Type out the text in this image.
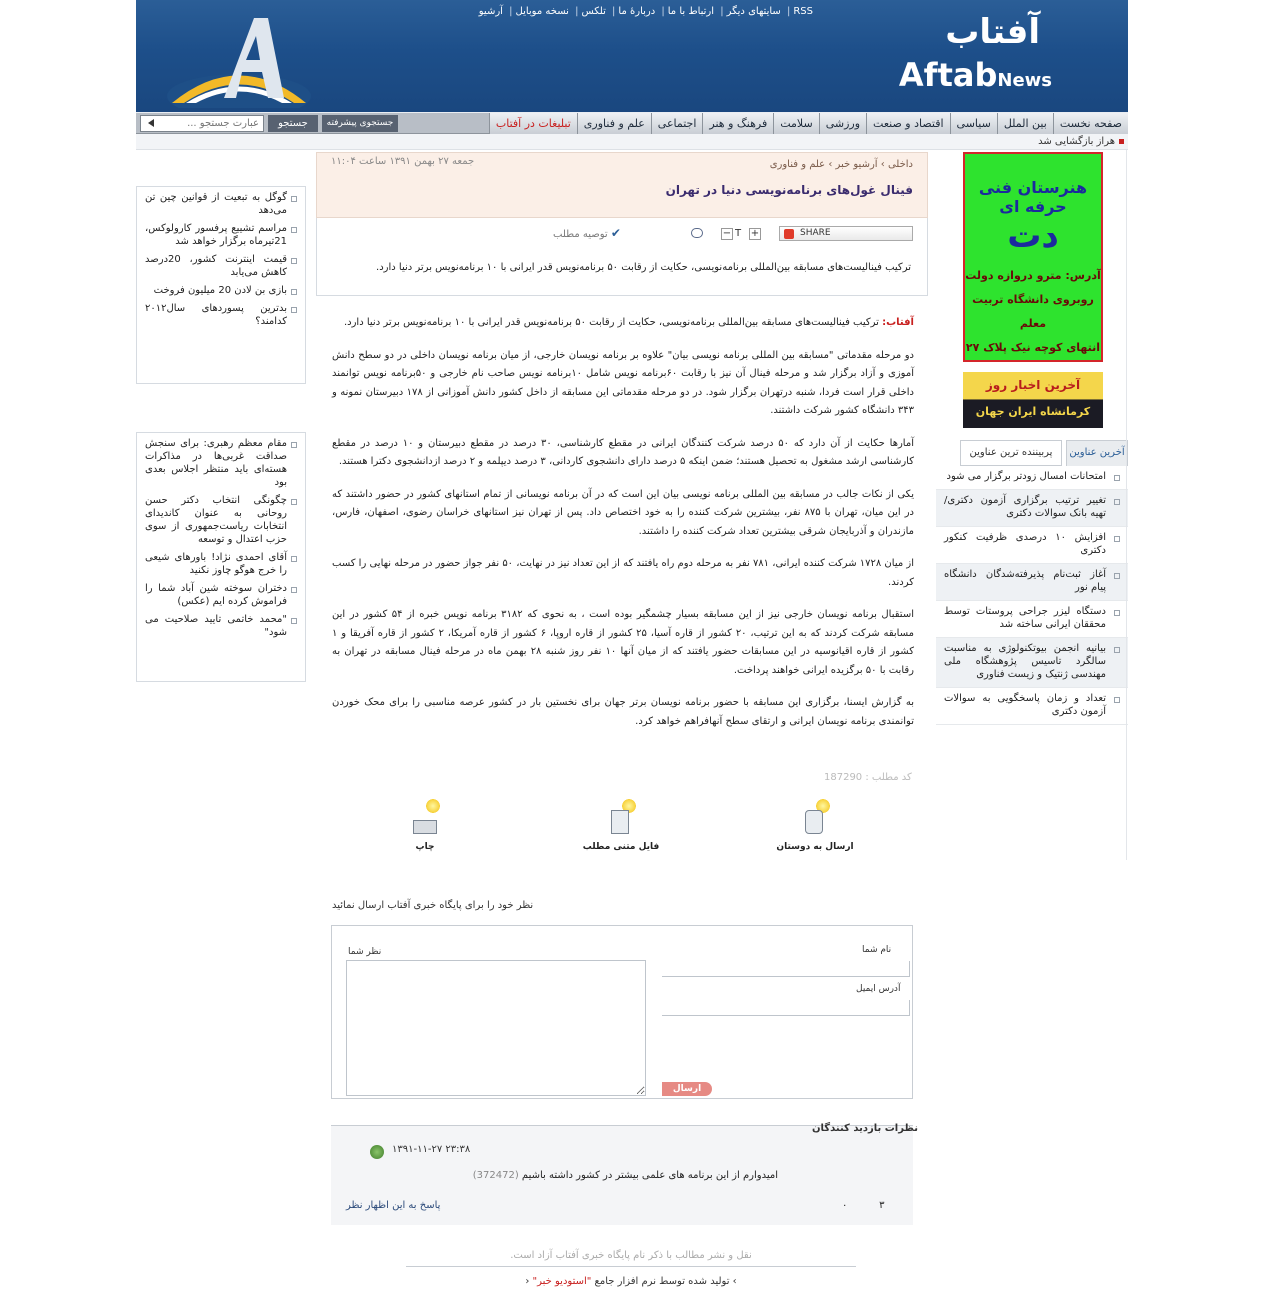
RSS| سایتهای دیگر| ارتباط با ما| دربارهٔ ما| تلکس| نسخه موبایل| آرشیو
آفتاب
AftabNews
صفحه نخست
بین الملل
سیاسی
اقتصاد و صنعت
ورزشی
سلامت
فرهنگ و هنر
اجتماعی
علم و فناوری
تبلیغات در آفتاب
عبارت جستجو ...
جستجو	جستجوی پیشرفته
هراز بازگشایی شد
گوگل به تبعیت از قوانین چین تن می‌دهد
مراسم تشییع پرفسور کارولوکس، 21تیرماه برگزار خواهد شد
قیمت اینترنت کشور، 20درصد کاهش می‌یابد
بازی بن لادن 20 میلیون فروخت
بدترین پسوردهای سال۲۰۱۲ کدامند؟
مقام معظم رهبری: برای سنجش صداقت غربی‌ها در مذاکرات هسته‌ای باید منتظر اجلاس بعدی بود
چگونگی انتخاب دکتر حسن روحانی به عنوان کاندیدای انتخابات ریاست‌جمهوری از سوی حزب اعتدال و توسعه
آقای احمدی نژاد! باورهای شیعی را خرج هوگو چاوز نکنید
دختران سوخته شین آباد شما را فراموش کرده ایم (عکس)
"محمد خاتمی تایید صلاحیت می شود"
جمعه ۲۷ بهمن ۱۳۹۱ ساعت ۱۱:۰۴	داخلی › آرشیو خبر › علم و فناوری
فینال غول‌های برنامه‌نویسی دنیا در تهران
SHARE
+
T
−
✔ توصیه مطلب
ترکیب فینالیست‌های مسابقه بین‌المللی برنامه‌نویسی، حکایت از رقابت ۵۰ برنامه‌نویس قدر ایرانی با ۱۰ برنامه‌نویس برتر دنیا دارد.

آفتاب: ترکیب فینالیست‌های مسابقه بین‌المللی برنامه‌نویسی، حکایت از رقابت ۵۰ برنامه‌نویس قدر ایرانی با ۱۰ برنامه‌نویس برتر دنیا دارد.

دو مرحله مقدماتی "مسابقه بین المللی برنامه نویسی بیان" علاوه بر برنامه نویسان خارجی، از میان برنامه نویسان داخلی در دو سطح دانش آموزی و آزاد برگزار شد و مرحله فینال آن نیز با رقابت ۶۰برنامه نویس شامل ۱۰برنامه نویس صاحب نام خارجی و ۵۰برنامه نویس توانمند داخلی قرار است فردا، شنبه درتهران برگزار شود. در دو مرحله مقدماتی این مسابقه از داخل کشور دانش آموزانی از ۱۷۸ دبیرستان نمونه و ۳۴۳ دانشگاه کشور شرکت داشتند.

آمارها حکایت از آن دارد که ۵۰ درصد شرکت کنندگان ایرانی در مقطع کارشناسی، ۳۰ درصد در مقطع دبیرستان و ۱۰ درصد در مقطع کارشناسی ارشد مشغول به تحصیل هستند؛ ضمن اینکه ۵ درصد دارای دانشجوی کاردانی، ۳ درصد دیپلمه و ۲ درصد ازدانشجوی دکترا هستند.

یکی از نکات جالب در مسابقه بین المللی برنامه نویسی بیان این است که در آن برنامه نویسانی از تمام استانهای کشور در حضور داشتند که در این میان، تهران با ۸۷۵ نفر، بیشترین شرکت کننده را به خود اختصاص داد. پس از تهران نیز استانهای خراسان رضوی، اصفهان، فارس، مازندران و آذربایجان شرقی بیشترین تعداد شرکت کننده را داشتند.

از میان ۱۷۲۸ شرکت کننده ایرانی، ۷۸۱ نفر به مرحله دوم راه یافتند که از این تعداد نیز در نهایت، ۵۰ نفر جواز حضور در مرحله نهایی را کسب کردند.

استقبال برنامه نویسان خارجی نیز از این مسابقه بسیار چشمگیر بوده است ، به نحوی که ۳۱۸۲ برنامه نویس خبره از ۵۴ کشور در این مسابقه شرکت کردند که به این ترتیب، ۲۰ کشور از قاره آسیا، ۲۵ کشور از قاره اروپا، ۶ کشور از قاره آمریکا، ۲ کشور از قاره آفریقا و ۱ کشور از قاره اقیانوسیه در این مسابقات حضور یافتند که از میان آنها ۱۰ نفر روز شنبه ۲۸ بهمن ماه در مرحله فینال مسابقه در تهران به رقابت با ۵۰ برگزیده ایرانی خواهند پرداخت.

به گزارش ایسنا، برگزاری این مسابقه با حضور برنامه نویسان برتر جهان برای نخستین بار در کشور عرصه مناسبی را برای محک خوردن توانمندی برنامه نویسان ایرانی و ارتقای سطح آنهافراهم خواهد کرد.

کد مطلب : 187290
چاپ	فایل متنی مطلب	ارسال به دوستان
نظر خود را برای پایگاه خبری آفتاب ارسال نمائید
نظر شما	نام شما
آدرس ایمیل
ارسال
نظرات بازدید کنندگان
۱۳۹۱-۱۱-۲۷ ۲۳:۳۸
امیدوارم از این برنامه های علمی بیشتر در کشور داشته باشیم (372472)
۰	۳
پاسخ به این اظهار نظر
نقل و نشر مطالب با ذکر نام پایگاه خبری آفتاب آزاد است.
› تولید شده توسط نرم افزار جامع "استودیو خبر" ‹
هنرستان فنی حرفه ای
دت
آدرس: مترو دروازه دولت
روبروی دانشگاه تربیت معلم
انتهای کوچه نیک پلاک ۲۷
آخرین اخبار روز
کرمانشاه ایران جهان
آخرین عناوین
پربیننده ترین عناوین
امتحانات امسال زودتر برگزار می شود
تغییر ترتیب برگزاری آزمون دکتری/ تهیه بانک سوالات دکتری
افزایش ۱۰ درصدی ظرفیت کنکور دکتری
آغاز ثبت‌نام پذیرفته‌شدگان دانشگاه پیام نور
دستگاه لیزر جراحی پروستات توسط محققان ایرانی ساخته شد
بیانیه انجمن بیوتکنولوژی به مناسبت سالگرد تاسیس پژوهشگاه ملی مهندسی ژنتیک و زیست فناوری
تعداد و زمان پاسخگویی به سوالات آزمون دکتری
